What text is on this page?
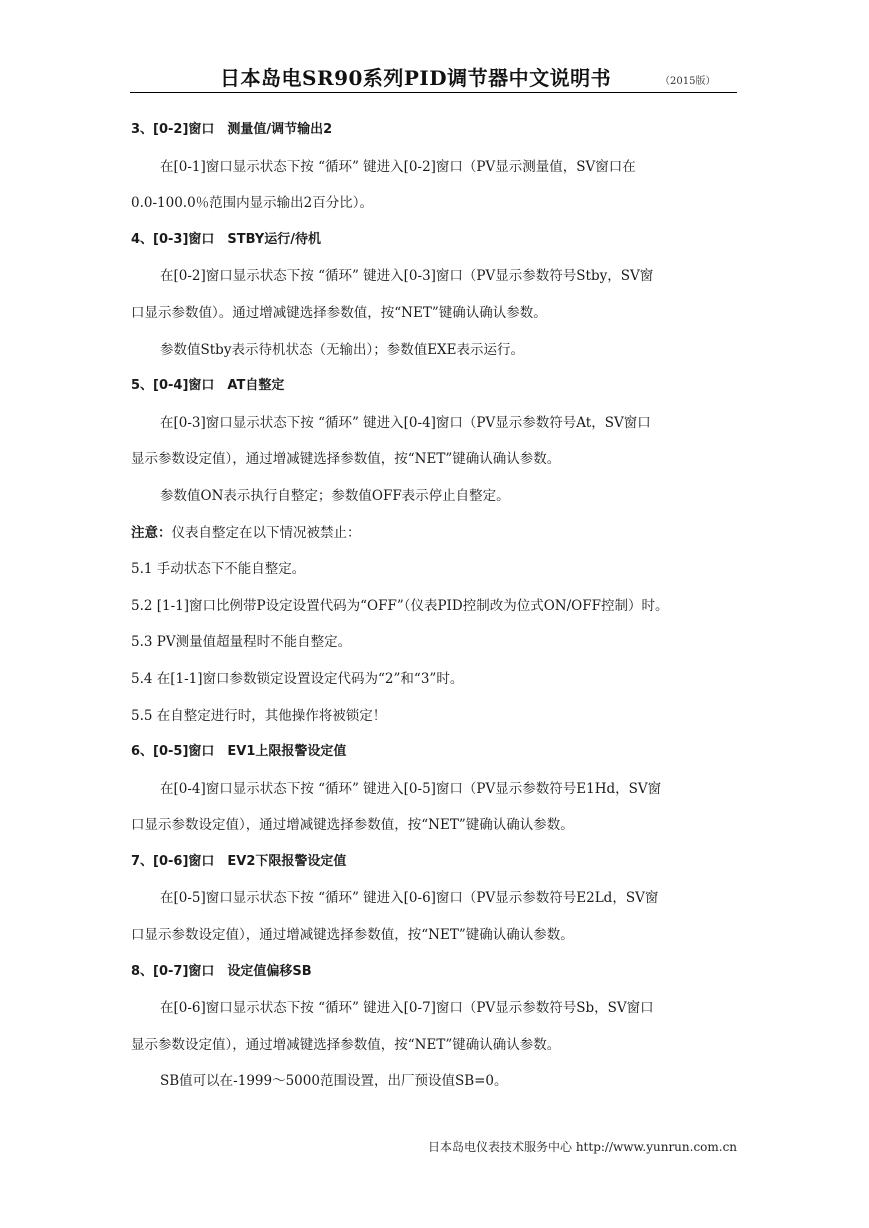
日本岛电SR90系列PID调节器中文说明书	（2015版）
3、[0-2]窗口　测量值/调节输出2
在[0-1]窗口显示状态下按 “循环” 键进入[0-2]窗口（PV显示测量值，SV窗口在
0.0-100.0％范围内显示输出2百分比）。
4、[0-3]窗口　STBY运行/待机
在[0-2]窗口显示状态下按 “循环” 键进入[0-3]窗口（PV显示参数符号Stby，SV窗
口显示参数值）。通过增减键选择参数值，按“NET”键确认确认参数。
参数值Stby表示待机状态（无输出）；参数值EXE表示运行。
5、[0-4]窗口　AT自整定
在[0-3]窗口显示状态下按 “循环” 键进入[0-4]窗口（PV显示参数符号At，SV窗口
显示参数设定值），通过增减键选择参数值，按“NET”键确认确认参数。
参数值ON表示执行自整定；参数值OFF表示停止自整定。
注意：仪表自整定在以下情况被禁止：
5.1 手动状态下不能自整定。
5.2 [1-1]窗口比例带P设定设置代码为“OFF”（仪表PID控制改为位式ON/OFF控制）时。
5.3 PV测量值超量程时不能自整定。
5.4 在[1-1]窗口参数锁定设置设定代码为“2”和“3”时。
5.5 在自整定进行时，其他操作将被锁定！
6、[0-5]窗口　EV1上限报警设定值
在[0-4]窗口显示状态下按 “循环” 键进入[0-5]窗口（PV显示参数符号E1Hd，SV窗
口显示参数设定值），通过增减键选择参数值，按“NET”键确认确认参数。
7、[0-6]窗口　EV2下限报警设定值
在[0-5]窗口显示状态下按 “循环” 键进入[0-6]窗口（PV显示参数符号E2Ld，SV窗
口显示参数设定值），通过增减键选择参数值，按“NET”键确认确认参数。
8、[0-7]窗口　设定值偏移SB
在[0-6]窗口显示状态下按 “循环” 键进入[0-7]窗口（PV显示参数符号Sb，SV窗口
显示参数设定值），通过增减键选择参数值，按“NET”键确认确认参数。
SB值可以在-1999～5000范围设置，出厂预设值SB=0。
日本岛电仪表技术服务中心 http://www.yunrun.com.cn
